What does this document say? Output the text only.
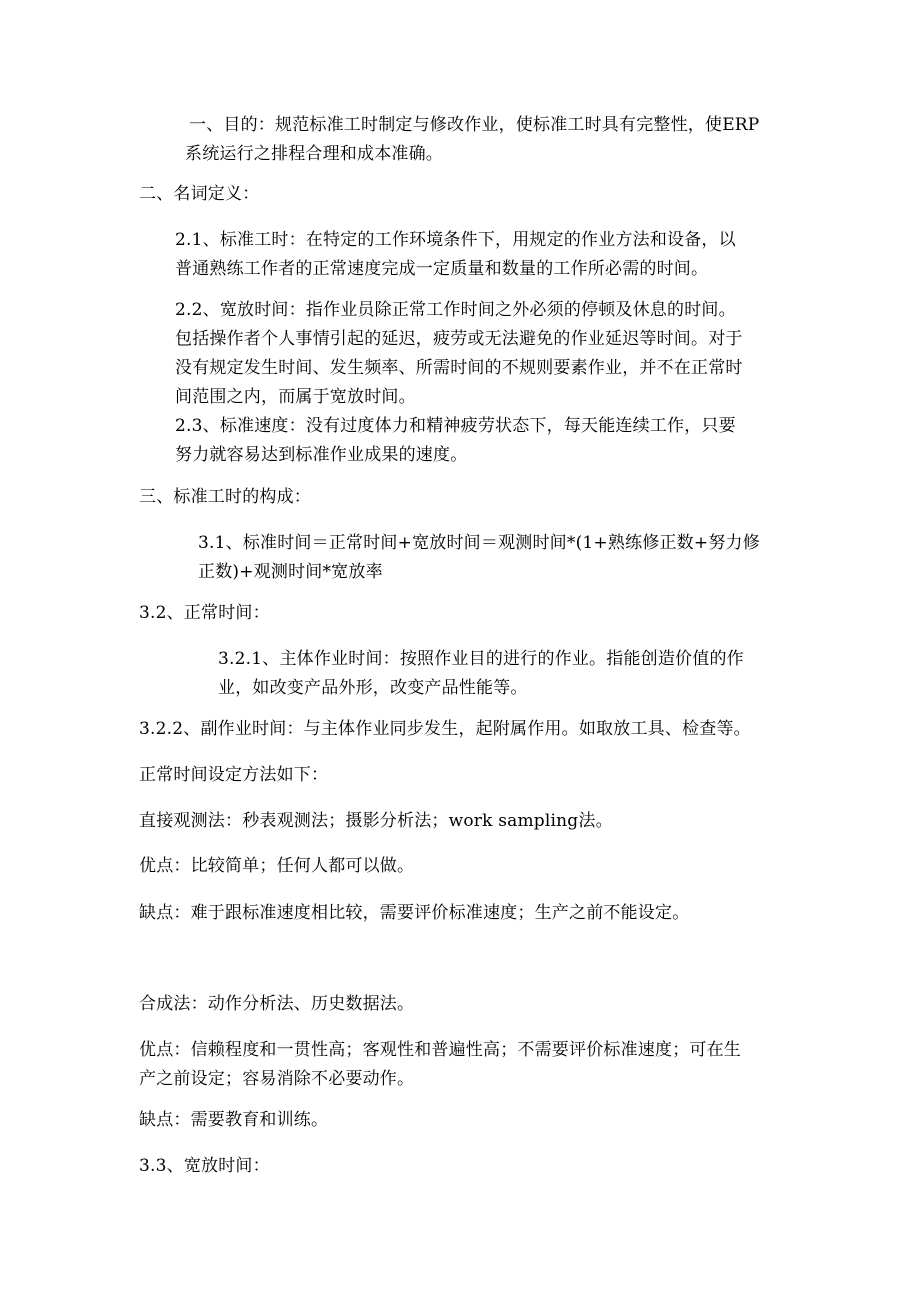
一、目的：规范标准工时制定与修改作业，使标准工时具有完整性，使ERP
系统运行之排程合理和成本准确。
二、名词定义：
2.1、标准工时：在特定的工作环境条件下，用规定的作业方法和设备，以
普通熟练工作者的正常速度完成一定质量和数量的工作所必需的时间。
2.2、宽放时间：指作业员除正常工作时间之外必须的停顿及休息的时间。
包括操作者个人事情引起的延迟，疲劳或无法避免的作业延迟等时间。对于
没有规定发生时间、发生频率、所需时间的不规则要素作业，并不在正常时
间范围之内，而属于宽放时间。
2.3、标准速度：没有过度体力和精神疲劳状态下，每天能连续工作，只要
努力就容易达到标准作业成果的速度。
三、标准工时的构成：
3.1、标准时间＝正常时间+宽放时间＝观测时间*(1+熟练修正数+努力修
正数)+观测时间*宽放率
3.2、正常时间：
3.2.1、主体作业时间：按照作业目的进行的作业。指能创造价值的作
业，如改变产品外形，改变产品性能等。
3.2.2、副作业时间：与主体作业同步发生，起附属作用。如取放工具、检查等。
正常时间设定方法如下：
直接观测法：秒表观测法；摄影分析法；work sampling法。
优点：比较简单；任何人都可以做。
缺点：难于跟标准速度相比较，需要评价标准速度；生产之前不能设定。
合成法：动作分析法、历史数据法。
优点：信赖程度和一贯性高；客观性和普遍性高；不需要评价标准速度；可在生
产之前设定；容易消除不必要动作。
缺点：需要教育和训练。
3.3、宽放时间：
